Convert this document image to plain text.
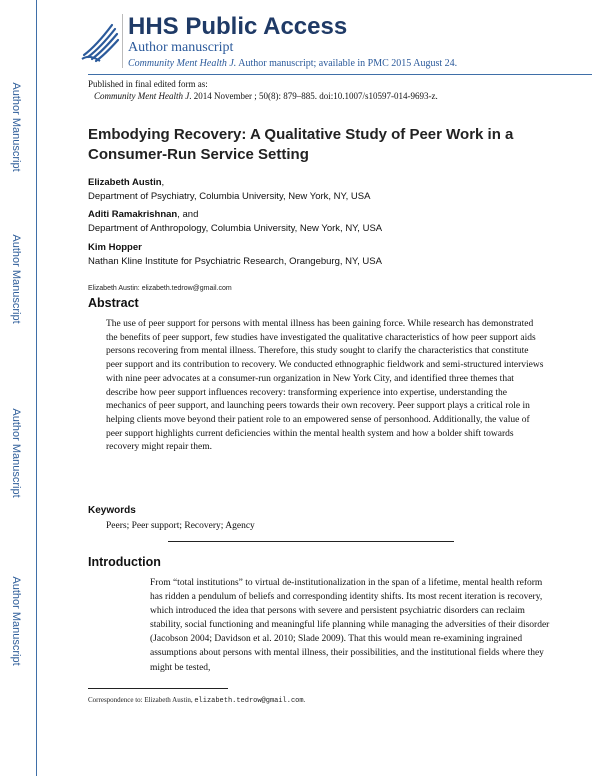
Author Manuscript
Author Manuscript
Author Manuscript
Author Manuscript
HHS Public Access
Author manuscript
Community Ment Health J. Author manuscript; available in PMC 2015 August 24.
Published in final edited form as:
Community Ment Health J. 2014 November ; 50(8): 879–885. doi:10.1007/s10597-014-9693-z.
Embodying Recovery: A Qualitative Study of Peer Work in a Consumer-Run Service Setting
Elizabeth Austin,
Department of Psychiatry, Columbia University, New York, NY, USA
Aditi Ramakrishnan, and
Department of Anthropology, Columbia University, New York, NY, USA
Kim Hopper
Nathan Kline Institute for Psychiatric Research, Orangeburg, NY, USA
Elizabeth Austin: elizabeth.tedrow@gmail.com
Abstract
The use of peer support for persons with mental illness has been gaining force. While research has demonstrated the benefits of peer support, few studies have investigated the qualitative characteristics of how peer support aids persons recovering from mental illness. Therefore, this study sought to clarify the characteristics that constitute peer support and its contribution to recovery. We conducted ethnographic fieldwork and semi-structured interviews with nine peer advocates at a consumer-run organization in New York City, and identified three themes that describe how peer support influences recovery: transforming experience into expertise, understanding the mechanics of peer support, and launching peers towards their own recovery. Peer support plays a critical role in helping clients move beyond their patient role to an empowered sense of personhood. Additionally, the value of peer support highlights current deficiencies within the mental health system and how a bolder shift towards recovery might repair them.
Keywords
Peers; Peer support; Recovery; Agency
Introduction
From “total institutions” to virtual de-institutionalization in the span of a lifetime, mental health reform has ridden a pendulum of beliefs and corresponding identity shifts. Its most recent iteration is recovery, which introduced the idea that persons with severe and persistent psychiatric disorders can reclaim stability, social functioning and meaningful life planning while managing the adversities of their disorder (Jacobson 2004; Davidson et al. 2010; Slade 2009). That this would mean re-examining ingrained assumptions about persons with mental illness, their possibilities, and the institutional fields where they might be tested,
Correspondence to: Elizabeth Austin, elizabeth.tedrow@gmail.com.
